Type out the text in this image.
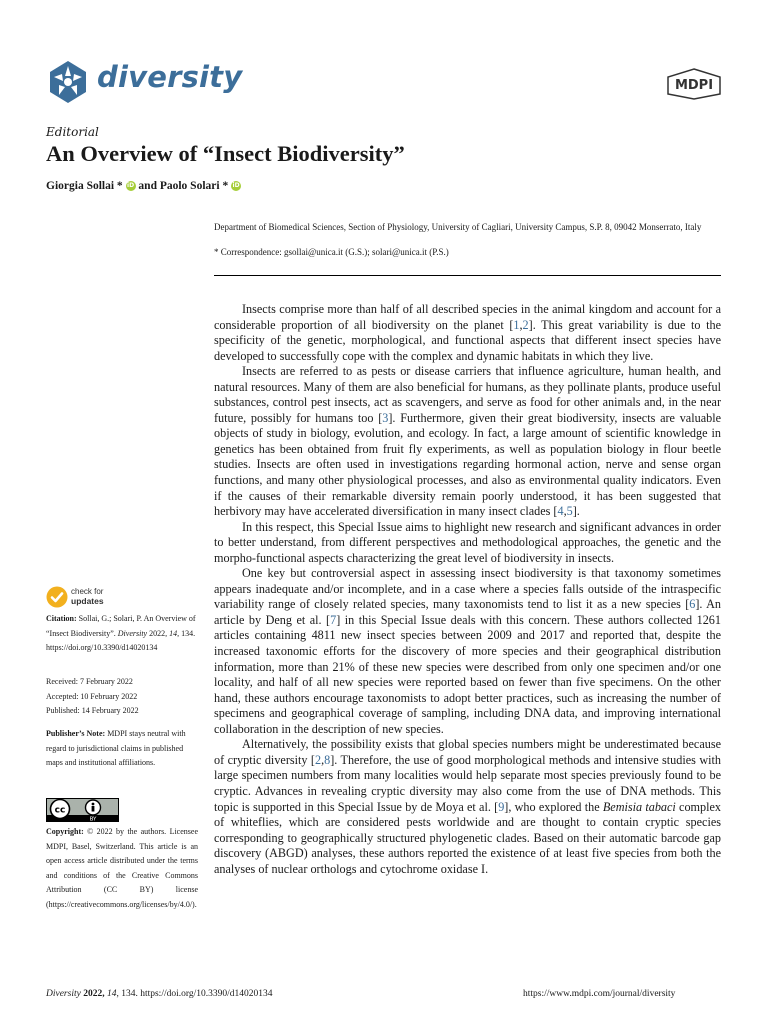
diversity	MDPI
Editorial
An Overview of “Insect Biodiversity”
Giorgia Sollai * iD and Paolo Solari * iD
Department of Biomedical Sciences, Section of Physiology, University of Cagliari, University Campus, S.P. 8, 09042 Monserrato, Italy
* Correspondence: gsollai@unica.it (G.S.); solari@unica.it (P.S.)

Insects comprise more than half of all described species in the animal kingdom and account for a considerable proportion of all biodiversity on the planet [1,2]. This great variability is due to the specificity of the genetic, morphological, and functional aspects that different insect species have developed to successfully cope with the complex and dynamic habitats in which they live.

Insects are referred to as pests or disease carriers that influence agriculture, human health, and natural resources. Many of them are also beneficial for humans, as they pollinate plants, produce useful substances, control pest insects, act as scavengers, and serve as food for other animals and, in the near future, possibly for humans too [3]. Furthermore, given their great biodiversity, insects are valuable objects of study in biology, evolution, and ecology. In fact, a large amount of scientific knowledge in genetics has been obtained from fruit fly experiments, as well as population biology in flour beetle studies. Insects are often used in investigations regarding hormonal action, nerve and sense organ functions, and many other physiological processes, and also as environmental quality indicators. Even if the causes of their remarkable diversity remain poorly understood, it has been suggested that herbivory may have accelerated diversification in many insect clades [4,5].

In this respect, this Special Issue aims to highlight new research and significant advances in order to better understand, from different perspectives and methodological approaches, the genetic and the morpho-functional aspects characterizing the great level of biodiversity in insects.

One key but controversial aspect in assessing insect biodiversity is that taxonomy sometimes appears inadequate and/or incomplete, and in a case where a species falls outside of the intraspecific variability range of closely related species, many taxonomists tend to list it as a new species [6]. An article by Deng et al. [7] in this Special Issue deals with this concern. These authors collected 1261 articles containing 4811 new insect species between 2009 and 2017 and reported that, despite the increased taxonomic efforts for the discovery of more species and their geographical distribution information, more than 21% of these new species were described from only one specimen and/or one locality, and half of all new species were reported based on fewer than five specimens. On the other hand, these authors encourage taxonomists to adopt better practices, such as increasing the number of specimens and geographical coverage of sampling, including DNA data, and improving international collaboration in the description of new species.

Alternatively, the possibility exists that global species numbers might be underestimated because of cryptic diversity [2,8]. Therefore, the use of good morphological methods and intensive studies with large specimen numbers from many localities would help separate most species previously found to be cryptic. Advances in revealing cryptic diversity may also come from the use of DNA methods. This topic is supported in this Special Issue by de Moya et al. [9], who explored the Bemisia tabaci complex of whiteflies, which are considered pests worldwide and are thought to contain cryptic species corresponding to geographically structured phylogenetic clades. Based on their automatic barcode gap discovery (ABGD) analyses, these authors reported the existence of at least five species from both the analyses of nuclear orthologs and cytochrome oxidase I.

check for
updates
Citation: Sollai, G.; Solari, P. An Overview of “Insect Biodiversity”. Diversity 2022, 14, 134. https://doi.org/10.3390/d14020134
Received: 7 February 2022
Accepted: 10 February 2022
Published: 14 February 2022
Publisher’s Note: MDPI stays neutral with regard to jurisdictional claims in published maps and institutional affiliations.
cc
BY
Copyright: © 2022 by the authors. Licensee MDPI, Basel, Switzerland. This article is an open access article distributed under the terms and conditions of the Creative Commons Attribution (CC BY) license (https://creativecommons.org/licenses/by/4.0/).
Diversity 2022, 14, 134. https://doi.org/10.3390/d14020134	https://www.mdpi.com/journal/diversity
